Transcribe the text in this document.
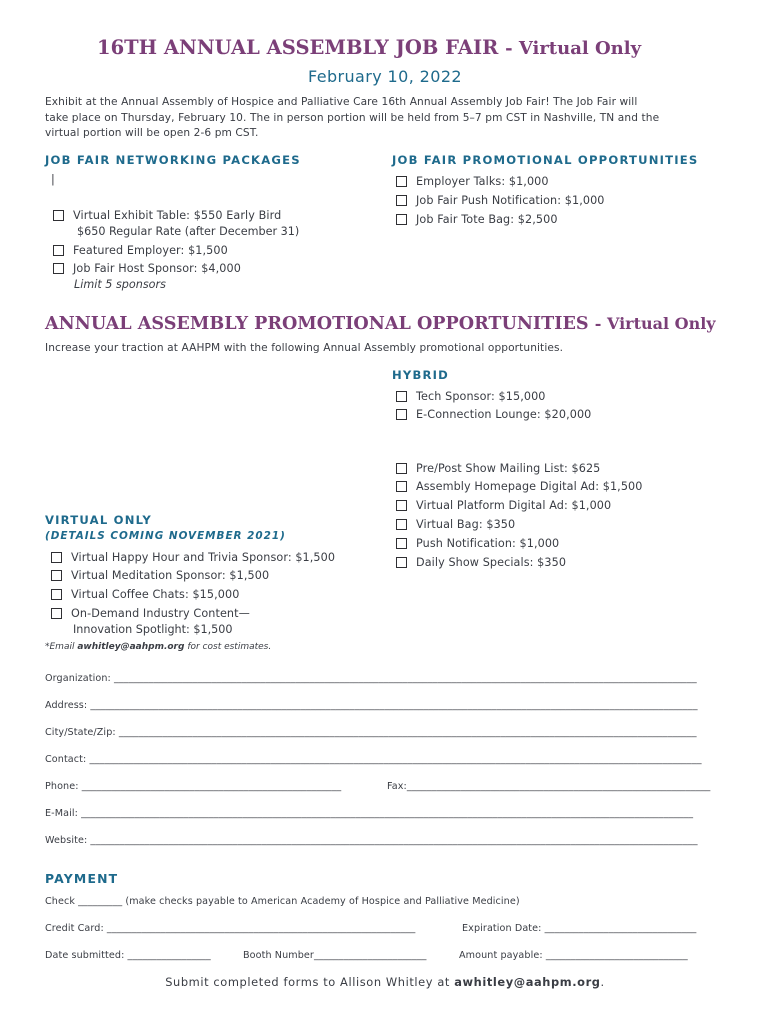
16TH ANNUAL ASSEMBLY JOB FAIR - Virtual Only
February 10, 2022
Exhibit at the Annual Assembly of Hospice and Palliative Care 16th Annual Assembly Job Fair! The Job Fair will
take place on Thursday, February 10. The in person portion will be held from 5–7 pm CST in Nashville, TN and the
virtual portion will be open 2-6 pm CST.
JOB FAIR NETWORKING PACKAGES
|
Virtual Exhibit Table: $550 Early Bird
$650 Regular Rate (after December 31)
Featured Employer: $1,500
Job Fair Host Sponsor: $4,000
Limit 5 sponsors
JOB FAIR PROMOTIONAL OPPORTUNITIES
Employer Talks: $1,000
Job Fair Push Notification: $1,000
Job Fair Tote Bag: $2,500
ANNUAL ASSEMBLY PROMOTIONAL OPPORTUNITIES - Virtual Only
Increase your traction at AAHPM with the following Annual Assembly promotional opportunities.
HYBRID
Tech Sponsor: $15,000
E-Connection Lounge: $20,000
Pre/Post Show Mailing List: $625
Assembly Homepage Digital Ad: $1,500
Virtual Platform Digital Ad: $1,000
Virtual Bag: $350
Push Notification: $1,000
Daily Show Specials: $350
VIRTUAL ONLY
(DETAILS COMING NOVEMBER 2021)
Virtual Happy Hour and Trivia Sponsor: $1,500
Virtual Meditation Sponsor: $1,500
Virtual Coffee Chats: $15,000
On-Demand Industry Content—
Innovation Spotlight: $1,500
*Email awhitley@aahpm.org for cost estimates.
Organization: _______________________________________________________________________________________________________________________
Address: ____________________________________________________________________________________________________________________________
City/State/Zip: ______________________________________________________________________________________________________________________
Contact: _____________________________________________________________________________________________________________________________
Phone: _____________________________________________________	Fax:______________________________________________________________
E-Mail: _____________________________________________________________________________________________________________________________
Website: ____________________________________________________________________________________________________________________________
PAYMENT
Check _________ (make checks payable to American Academy of Hospice and Palliative Medicine)
Credit Card: _______________________________________________________________	Expiration Date: _______________________________
Date submitted: _________________	Booth Number_______________________	Amount payable: _____________________________
Submit completed forms to Allison Whitley at awhitley@aahpm.org.
